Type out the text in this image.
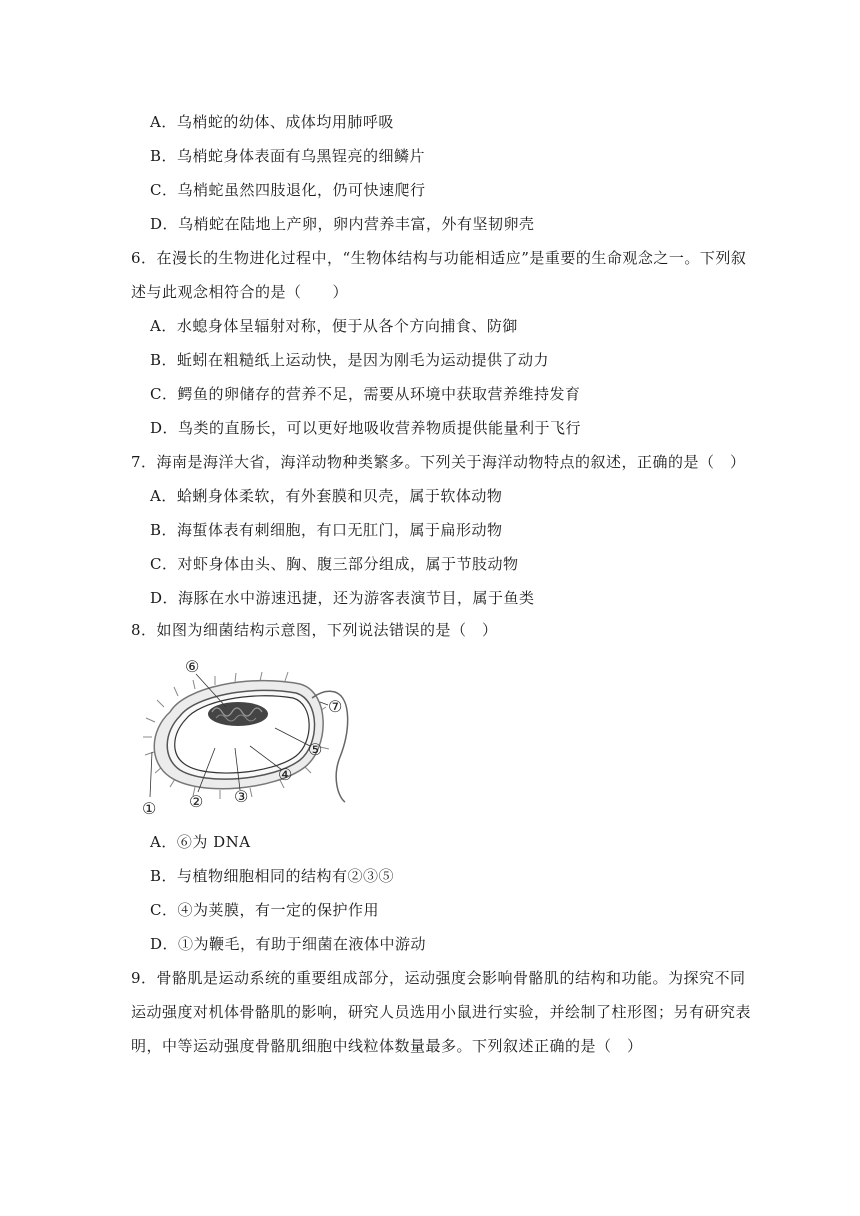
A．乌梢蛇的幼体、成体均用肺呼吸
B．乌梢蛇身体表面有乌黑锃亮的细鳞片
C．乌梢蛇虽然四肢退化，仍可快速爬行
D．乌梢蛇在陆地上产卵，卵内营养丰富，外有坚韧卵壳
6．在漫长的生物进化过程中，“生物体结构与功能相适应”是重要的生命观念之一。下列叙
述与此观念相符合的是（　　）
A．水螅身体呈辐射对称，便于从各个方向捕食、防御
B．蚯蚓在粗糙纸上运动快，是因为刚毛为运动提供了动力
C．鳄鱼的卵储存的营养不足，需要从环境中获取营养维持发育
D．鸟类的直肠长，可以更好地吸收营养物质提供能量利于飞行
7．海南是海洋大省，海洋动物种类繁多。下列关于海洋动物特点的叙述，正确的是（　）
A．蛤蜊身体柔软，有外套膜和贝壳，属于软体动物
B．海蜇体表有刺细胞，有口无肛门，属于扁形动物
C．对虾身体由头、胸、腹三部分组成，属于节肢动物
D．海豚在水中游速迅捷，还为游客表演节目，属于鱼类
8．如图为细菌结构示意图，下列说法错误的是（　）
⑥
⑦
⑤
④
③
②
①
A．⑥为 DNA
B．与植物细胞相同的结构有②③⑤
C．④为荚膜，有一定的保护作用
D．①为鞭毛，有助于细菌在液体中游动
9．骨骼肌是运动系统的重要组成部分，运动强度会影响骨骼肌的结构和功能。为探究不同
运动强度对机体骨骼肌的影响，研究人员选用小鼠进行实验，并绘制了柱形图；另有研究表
明，中等运动强度骨骼肌细胞中线粒体数量最多。下列叙述正确的是（　）
